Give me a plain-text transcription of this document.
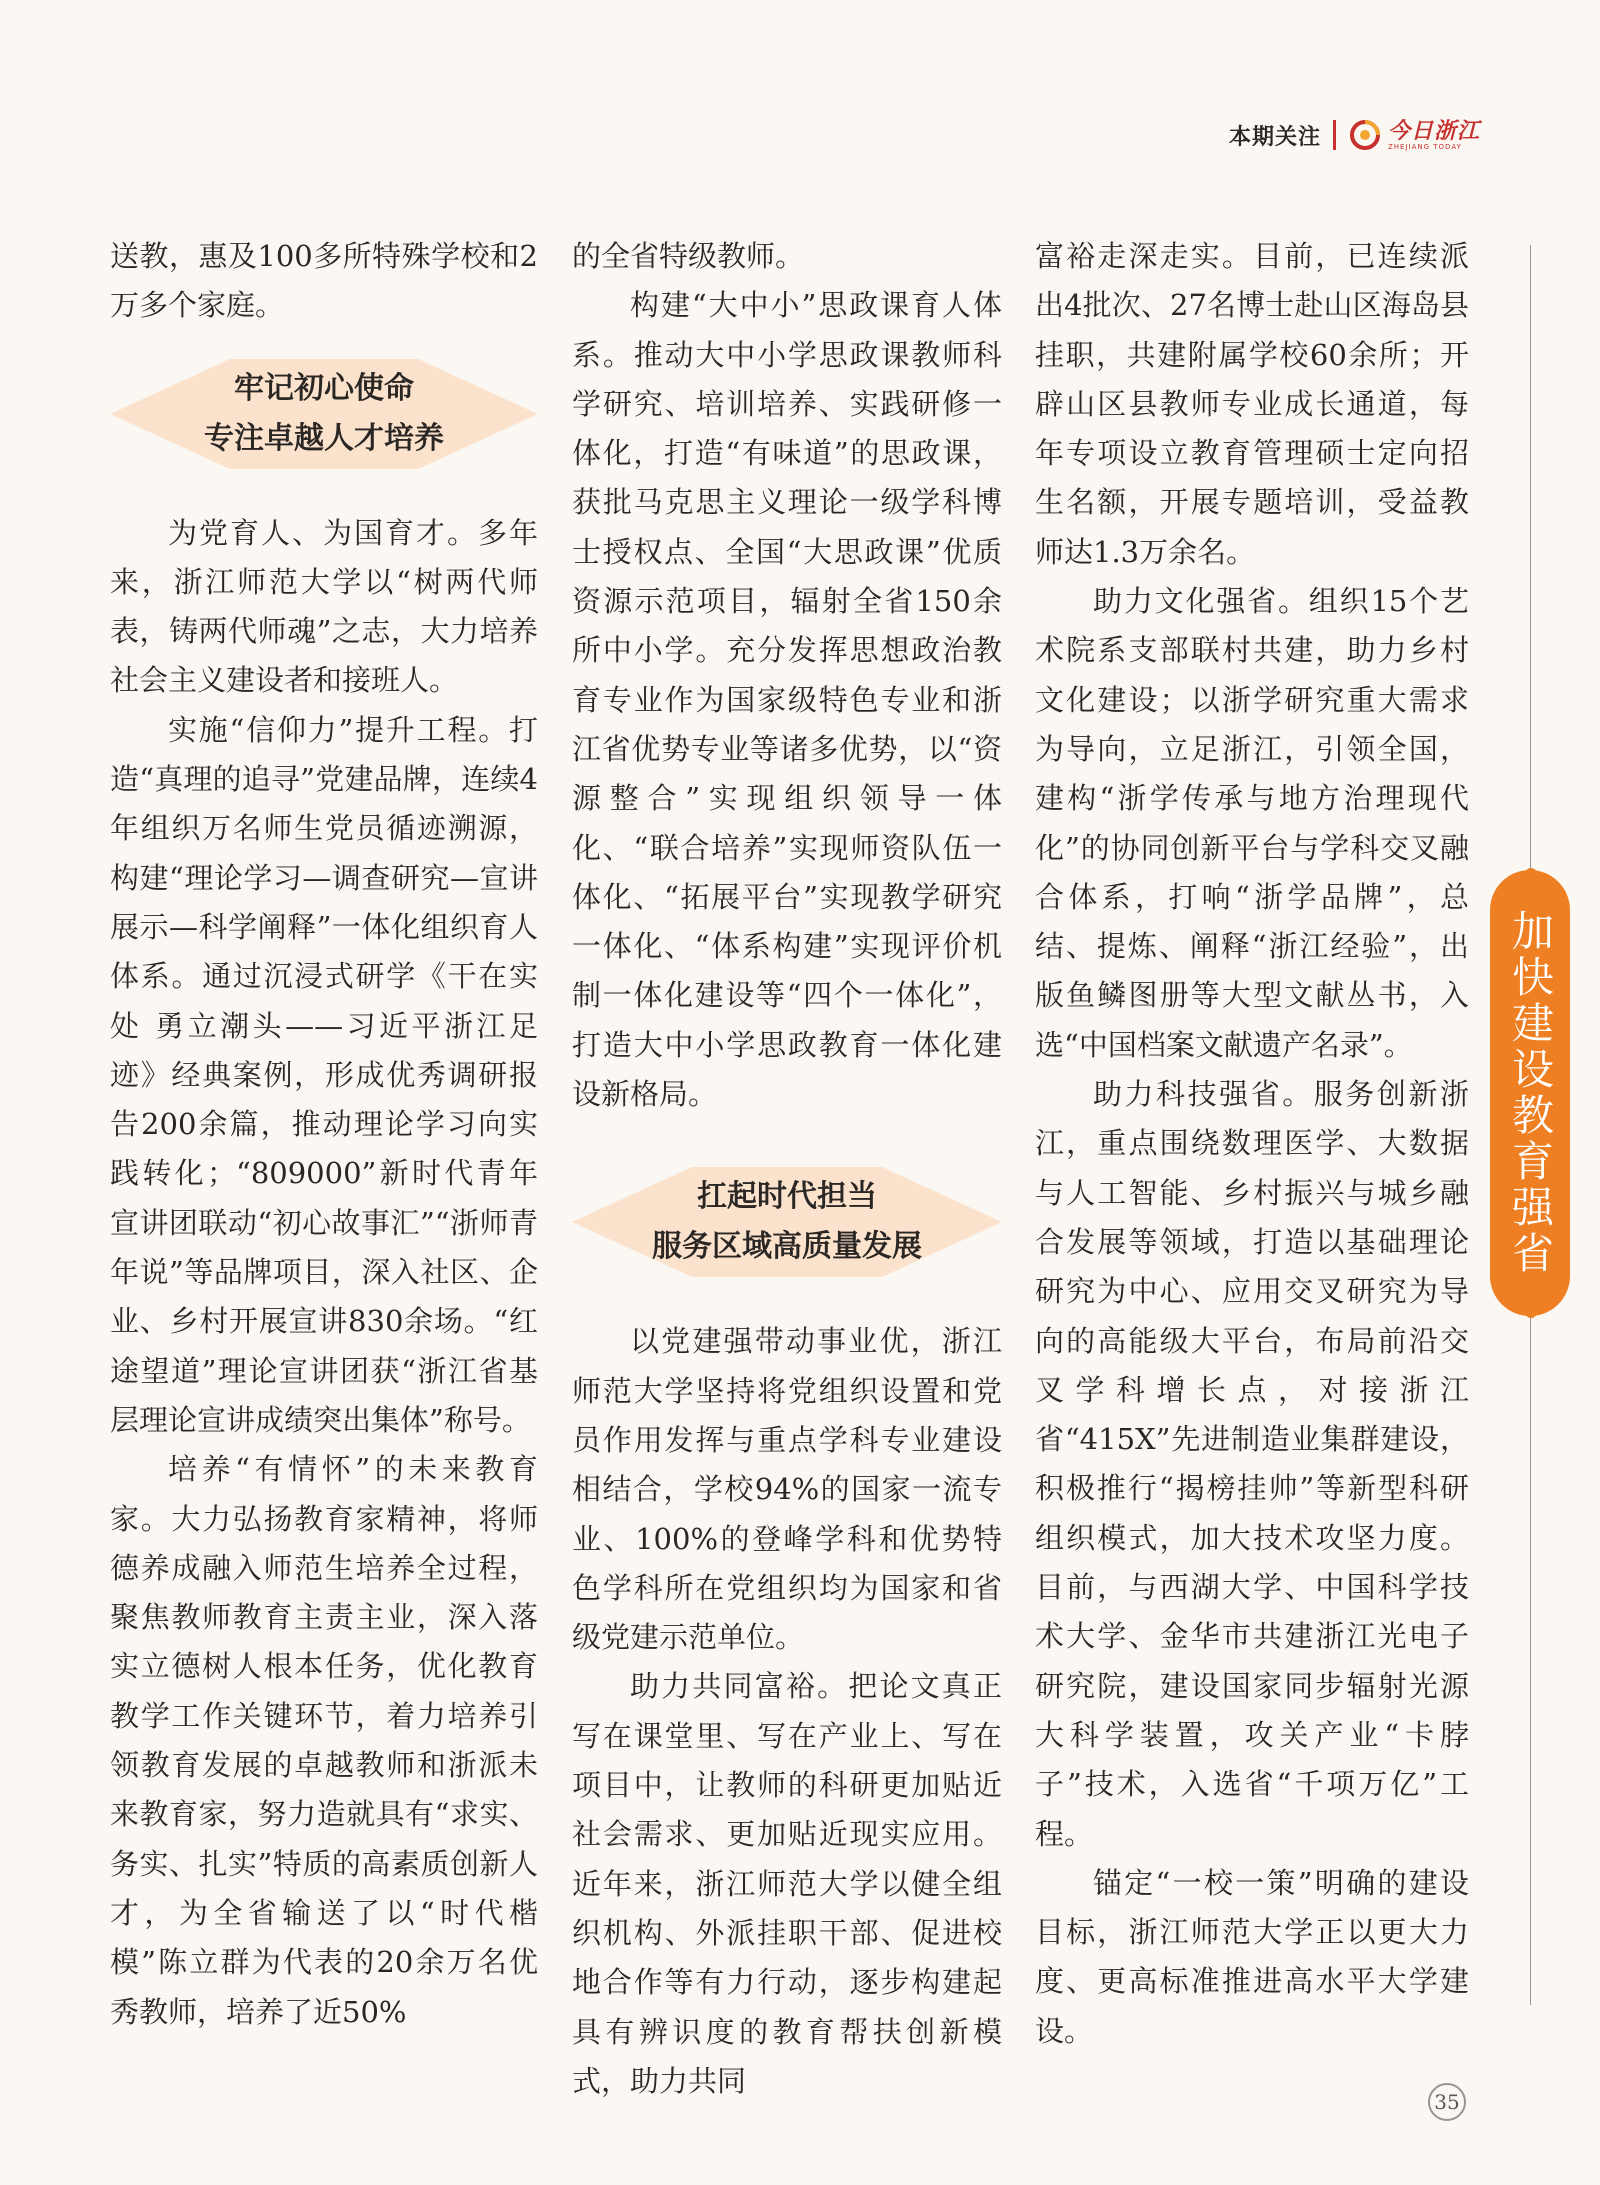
本期关注	今日浙江
ZHEJIANG TODAY

送教，惠及100多所特殊学校和2万多个家庭。

牢记初心使命
专注卓越人才培养

为党育人、为国育才。多年来，浙江师范大学以“树两代师表，铸两代师魂”之志，大力培养社会主义建设者和接班人。

实施“信仰力”提升工程。打造“真理的追寻”党建品牌，连续4年组织万名师生党员循迹溯源，构建“理论学习—调查研究—宣讲展示—科学阐释”一体化组织育人体系。通过沉浸式研学《干在实处 勇立潮头——习近平浙江足迹》经典案例，形成优秀调研报告200余篇，推动理论学习向实践转化；“809000”新时代青年宣讲团联动“初心故事汇”“浙师青年说”等品牌项目，深入社区、企业、乡村开展宣讲830余场。“红途望道”理论宣讲团获“浙江省基层理论宣讲成绩突出集体”称号。

培养“有情怀”的未来教育家。大力弘扬教育家精神，将师德养成融入师范生培养全过程，聚焦教师教育主责主业，深入落实立德树人根本任务，优化教育教学工作关键环节，着力培养引领教育发展的卓越教师和浙派未来教育家，努力造就具有“求实、务实、扎实”特质的高素质创新人才，为全省输送了以“时代楷模”陈立群为代表的20余万名优秀教师，培养了近50%

的全省特级教师。

构建“大中小”思政课育人体系。推动大中小学思政课教师科学研究、培训培养、实践研修一体化，打造“有味道”的思政课，获批马克思主义理论一级学科博士授权点、全国“大思政课”优质资源示范项目，辐射全省150余所中小学。充分发挥思想政治教育专业作为国家级特色专业和浙江省优势专业等诸多优势，以“资源整合”实现组织领导一体化、“联合培养”实现师资队伍一体化、“拓展平台”实现教学研究一体化、“体系构建”实现评价机制一体化建设等“四个一体化”，打造大中小学思政教育一体化建设新格局。

扛起时代担当
服务区域高质量发展

以党建强带动事业优，浙江师范大学坚持将党组织设置和党员作用发挥与重点学科专业建设相结合，学校94%的国家一流专业、100%的登峰学科和优势特色学科所在党组织均为国家和省级党建示范单位。

助力共同富裕。把论文真正写在课堂里、写在产业上、写在项目中，让教师的科研更加贴近社会需求、更加贴近现实应用。近年来，浙江师范大学以健全组织机构、外派挂职干部、促进校地合作等有力行动，逐步构建起具有辨识度的教育帮扶创新模式，助力共同

富裕走深走实。目前，已连续派出4批次、27名博士赴山区海岛县挂职，共建附属学校60余所；开辟山区县教师专业成长通道，每年专项设立教育管理硕士定向招生名额，开展专题培训，受益教师达1.3万余名。

助力文化强省。组织15个艺术院系支部联村共建，助力乡村文化建设；以浙学研究重大需求为导向，立足浙江，引领全国，建构“浙学传承与地方治理现代化”的协同创新平台与学科交叉融合体系，打响“浙学品牌”，总结、提炼、阐释“浙江经验”，出版鱼鳞图册等大型文献丛书，入选“中国档案文献遗产名录”。

助力科技强省。服务创新浙江，重点围绕数理医学、大数据与人工智能、乡村振兴与城乡融合发展等领域，打造以基础理论研究为中心、应用交叉研究为导向的高能级大平台，布局前沿交叉学科增长点，对接浙江省“415X”先进制造业集群建设，积极推行“揭榜挂帅”等新型科研组织模式，加大技术攻坚力度。目前，与西湖大学、中国科学技术大学、金华市共建浙江光电子研究院，建设国家同步辐射光源大科学装置，攻关产业“卡脖子”技术，入选省“千项万亿”工程。

锚定“一校一策”明确的建设目标，浙江师范大学正以更大力度、更高标准推进高水平大学建设。

加快建设教育强省
35
